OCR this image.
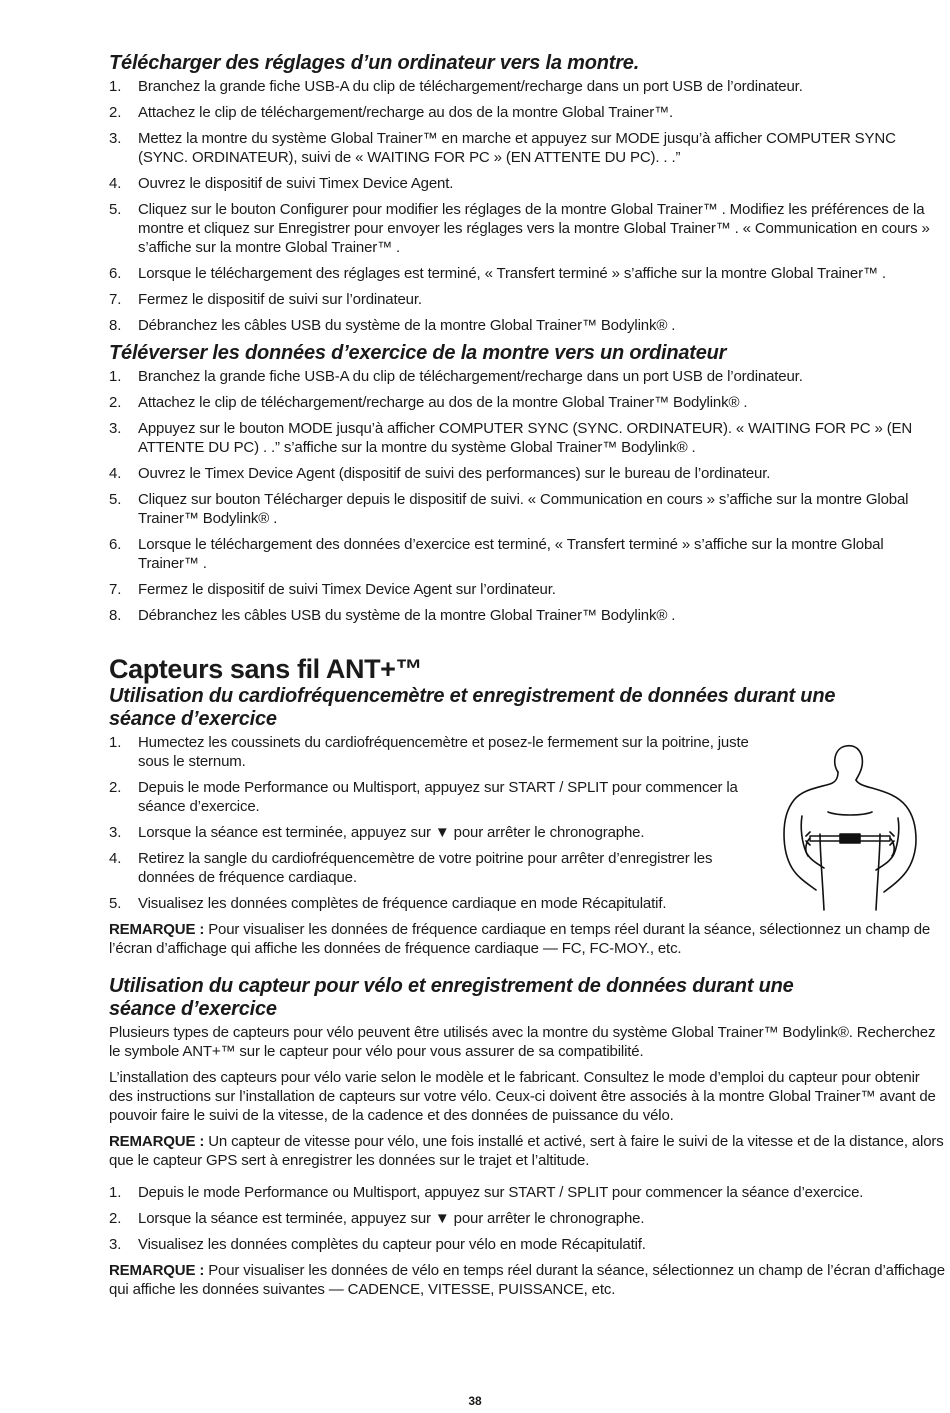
Télécharger des réglages d’un ordinateur vers la montre.
1. Branchez la grande fiche USB-A du clip de téléchargement/recharge dans un port USB de l’ordinateur.
2. Attachez le clip de téléchargement/recharge au dos de la montre Global Trainer™.
3. Mettez la montre du système Global Trainer™ en marche et appuyez sur MODE jusqu’à afficher COMPUTER SYNC (SYNC. ORDINATEUR), suivi de « WAITING FOR PC » (EN ATTENTE DU PC). . .”
4. Ouvrez le dispositif de suivi Timex Device Agent.
5. Cliquez sur le bouton Configurer pour modifier les réglages de la montre Global Trainer™ . Modifiez les préférences de la montre et cliquez sur Enregistrer pour envoyer les réglages vers la montre Global Trainer™ . « Communication en cours » s’affiche sur la montre Global Trainer™ .
6. Lorsque le téléchargement des réglages est terminé, « Transfert terminé » s’affiche sur la montre Global Trainer™ .
7. Fermez le dispositif de suivi sur l’ordinateur.
8. Débranchez les câbles USB du système de la montre Global Trainer™ Bodylink® .
Téléverser les données d’exercice de la montre vers un ordinateur
1. Branchez la grande fiche USB-A du clip de téléchargement/recharge dans un port USB de l’ordinateur.
2. Attachez le clip de téléchargement/recharge au dos de la montre Global Trainer™ Bodylink® .
3. Appuyez sur le bouton MODE jusqu’à afficher COMPUTER SYNC (SYNC. ORDINATEUR). « WAITING FOR PC » (EN ATTENTE DU PC) . .” s’affiche sur la montre du système Global Trainer™ Bodylink® .
4. Ouvrez le Timex Device Agent (dispositif de suivi des performances) sur le bureau de l’ordinateur.
5. Cliquez sur bouton Télécharger depuis le dispositif de suivi. « Communication en cours » s’affiche sur la montre Global Trainer™ Bodylink® .
6. Lorsque le téléchargement des données d’exercice est terminé, « Transfert terminé » s’affiche sur la montre Global Trainer™ .
7. Fermez le dispositif de suivi Timex Device Agent sur l’ordinateur.
8. Débranchez les câbles USB du système de la montre Global Trainer™ Bodylink® .
Capteurs sans fil ANT+™
Utilisation du cardiofréquencemètre et enregistrement de données durant une séance d’exercice
1. Humectez les coussinets du cardiofréquencemètre et posez-le fermement sur la poitrine, juste sous le sternum.
2. Depuis le mode Performance ou Multisport, appuyez sur START / SPLIT pour commencer la séance d’exercice.
3. Lorsque la séance est terminée, appuyez sur ▼ pour arrêter le chronographe.
4. Retirez la sangle du cardiofréquencemètre de votre poitrine pour arrêter d’enregistrer les données de fréquence cardiaque.
5. Visualisez les données complètes de fréquence cardiaque en mode Récapitulatif.

REMARQUE : Pour visualiser les données de fréquence cardiaque en temps réel durant la séance, sélectionnez un champ de l’écran d’affichage qui affiche les données de fréquence cardiaque — FC, FC-MOY., etc.

Utilisation du capteur pour vélo et enregistrement de données durant une séance d’exercice

Plusieurs types de capteurs pour vélo peuvent être utilisés avec la montre du système Global Trainer™ Bodylink®. Recherchez le symbole ANT+™ sur le capteur pour vélo pour vous assurer de sa compatibilité.

L’installation des capteurs pour vélo varie selon le modèle et le fabricant. Consultez le mode d’emploi du capteur pour obtenir des instructions sur l’installation de capteurs sur votre vélo. Ceux-ci doivent être associés à la montre Global Trainer™ avant de pouvoir faire le suivi de la vitesse, de la cadence et des données de puissance du vélo.

REMARQUE : Un capteur de vitesse pour vélo, une fois installé et activé, sert à faire le suivi de la vitesse et de la distance, alors que le capteur GPS sert à enregistrer les données sur le trajet et l’altitude.

1. Depuis le mode Performance ou Multisport, appuyez sur START / SPLIT pour commencer la séance d’exercice.
2. Lorsque la séance est terminée, appuyez sur ▼ pour arrêter le chronographe.
3. Visualisez les données complètes du capteur pour vélo en mode Récapitulatif.

REMARQUE : Pour visualiser les données de vélo en temps réel durant la séance, sélectionnez un champ de l’écran d’affichage qui affiche les données suivantes — CADENCE, VITESSE, PUISSANCE, etc.

38
